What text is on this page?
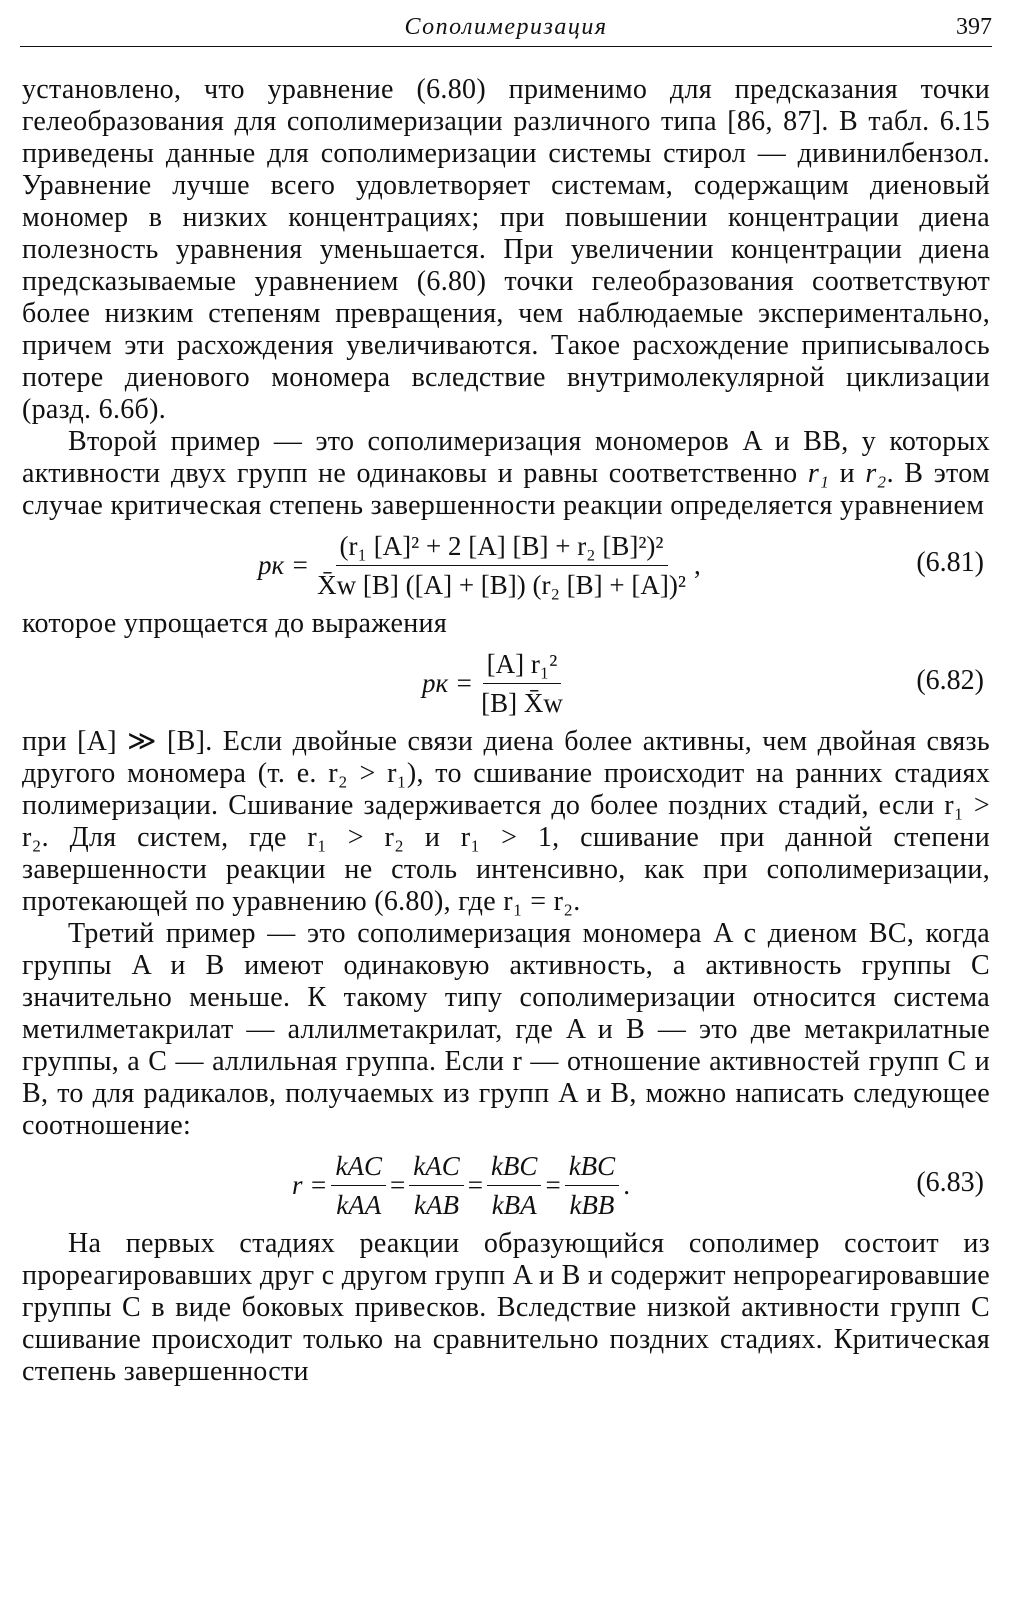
Сополимеризация	397

установлено, что уравнение (6.80) применимо для предсказания точки гелеобразования для сополимеризации различного типа [86, 87]. В табл. 6.15 приведены данные для сополимеризации системы стирол — дивинилбензол. Уравнение лучше всего удовлетворяет системам, содержащим диеновый мономер в низких концентрациях; при повышении концентрации диена полезность уравнения уменьшается. При увеличении концентрации диена предсказываемые уравнением (6.80) точки гелеобразования соответствуют более низким степеням превращения, чем наблюдаемые экспериментально, причем эти расхождения увеличиваются. Такое расхождение приписывалось потере диенового мономера вследствие внутримолекулярной циклизации (разд. 6.6б).

Второй пример — это сополимеризация мономеров A и BB, у которых активности двух групп не одинаковы и равны соответственно r₁ и r₂. В этом случае критическая степень завершенности реакции определяется уравнением

pк = $\frac{\text{(r₁ [A]² + 2 [A] [B] + r₂ [B]²)²}}{\text{X̄w [B] ([A] + [B]) (r₂ [B] + [A])²}}$ ,	(6.81)

которое упрощается до выражения

pк = $\frac{\text{[A] r₁²}}{[B] X̄w}$	(6.82)

при [A] ≫ [B]. Если двойные связи диена более активны, чем двойная связь другого мономера (т. е. r₂ > r₁), то сшивание происходит на ранних стадиях полимеризации. Сшивание задерживается до более поздних стадий, если r₁ > r₂. Для систем, где r₁ > r₂ и r₁ > 1, сшивание при данной степени завершенности реакции не столь интенсивно, как при сополимеризации, протекающей по уравнению (6.80), где r₁ = r₂.

Третий пример — это сополимеризация мономера A с диеном BC, когда группы A и B имеют одинаковую активность, а активность группы C значительно меньше. К такому типу сополимеризации относится система метилметакрилат — аллилметакрилат, где A и B — это две метакрилатные группы, а C — аллильная группа. Если r — отношение активностей групп C и B, то для радикалов, получаемых из групп A и B, можно написать следующее соотношение:

$r = \frac{\text{kAC}}{\text{kAA}} = \frac{\text{kAC}}{\text{kAB}} = \frac{\text{kBC}}{\text{kBA}} = \frac{\text{kBC}}{\text{kBB}}$ .	(6.83)

На первых стадиях реакции образующийся сополимер состоит из прореагировавших друг с другом групп A и B и содержит непрореагировавшие группы C в виде боковых привесков. Вследствие низкой активности групп C сшивание происходит только на сравнительно поздних стадиях. Критическая степень завершенности
